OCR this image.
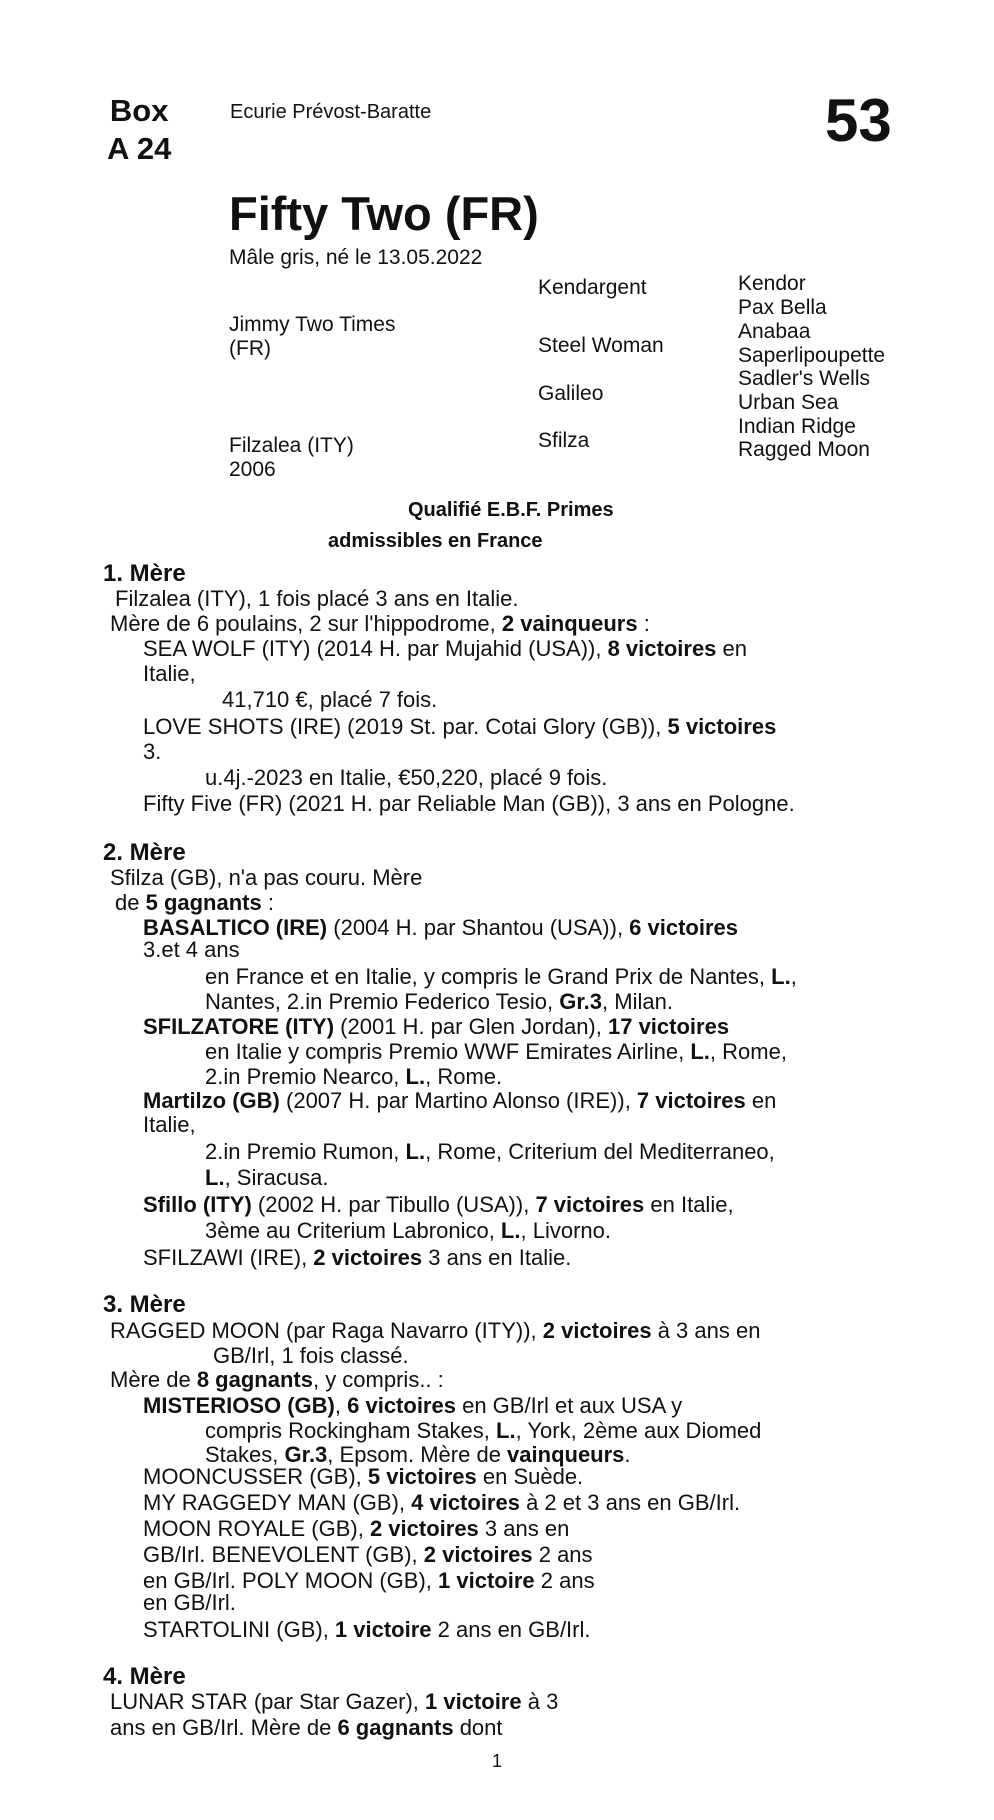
Box
A 24
Ecurie Prévost-Baratte	53
Fifty Two (FR)
Mâle gris, né le 13.05.2022
Jimmy Two Times
(FR)
Filzalea (ITY)
2006
Kendargent
Steel Woman
Galileo
Sfilza
Kendor
Pax Bella
Anabaa
Saperlipoupette
Sadler's Wells
Urban Sea
Indian Ridge
Ragged Moon
Qualifié E.B.F. Primes
admissibles en France
1. Mère
Filzalea (ITY), 1 fois placé 3 ans en Italie.
Mère de 6 poulains, 2 sur l'hippodrome, 2 vainqueurs :
SEA WOLF (ITY) (2014 H. par Mujahid (USA)), 8 victoires en
Italie,
41,710 €, placé 7 fois.
LOVE SHOTS (IRE) (2019 St. par. Cotai Glory (GB)), 5 victoires
3.
u.4j.-2023 en Italie, €50,220, placé 9 fois.
Fifty Five (FR) (2021 H. par Reliable Man (GB)), 3 ans en Pologne.
2. Mère
Sfilza (GB), n'a pas couru. Mère
de 5 gagnants :
BASALTICO (IRE) (2004 H. par Shantou (USA)), 6 victoires
3.et 4 ans
en France et en Italie, y compris le Grand Prix de Nantes, L.,
Nantes, 2.in Premio Federico Tesio, Gr.3, Milan.
SFILZATORE (ITY) (2001 H. par Glen Jordan), 17 victoires
en Italie y compris Premio WWF Emirates Airline, L., Rome,
2.in Premio Nearco, L., Rome.
Martilzo (GB) (2007 H. par Martino Alonso (IRE)), 7 victoires en
Italie,
2.in Premio Rumon, L., Rome, Criterium del Mediterraneo,
L., Siracusa.
Sfillo (ITY) (2002 H. par Tibullo (USA)), 7 victoires en Italie,
3ème au Criterium Labronico, L., Livorno.
SFILZAWI (IRE), 2 victoires 3 ans en Italie.
3. Mère
RAGGED MOON (par Raga Navarro (ITY)), 2 victoires à 3 ans en
GB/Irl, 1 fois classé.
Mère de 8 gagnants, y compris.. :
MISTERIOSO (GB), 6 victoires en GB/Irl et aux USA y
compris Rockingham Stakes, L., York, 2ème aux Diomed
Stakes, Gr.3, Epsom. Mère de vainqueurs.
MOONCUSSER (GB), 5 victoires en Suède.
MY RAGGEDY MAN (GB), 4 victoires à 2 et 3 ans en GB/Irl.
MOON ROYALE (GB), 2 victoires 3 ans en
GB/Irl. BENEVOLENT (GB), 2 victoires 2 ans
en GB/Irl. POLY MOON (GB), 1 victoire 2 ans
en GB/Irl.
STARTOLINI (GB), 1 victoire 2 ans en GB/Irl.
4. Mère
LUNAR STAR (par Star Gazer), 1 victoire à 3
ans en GB/Irl. Mère de 6 gagnants dont
1
